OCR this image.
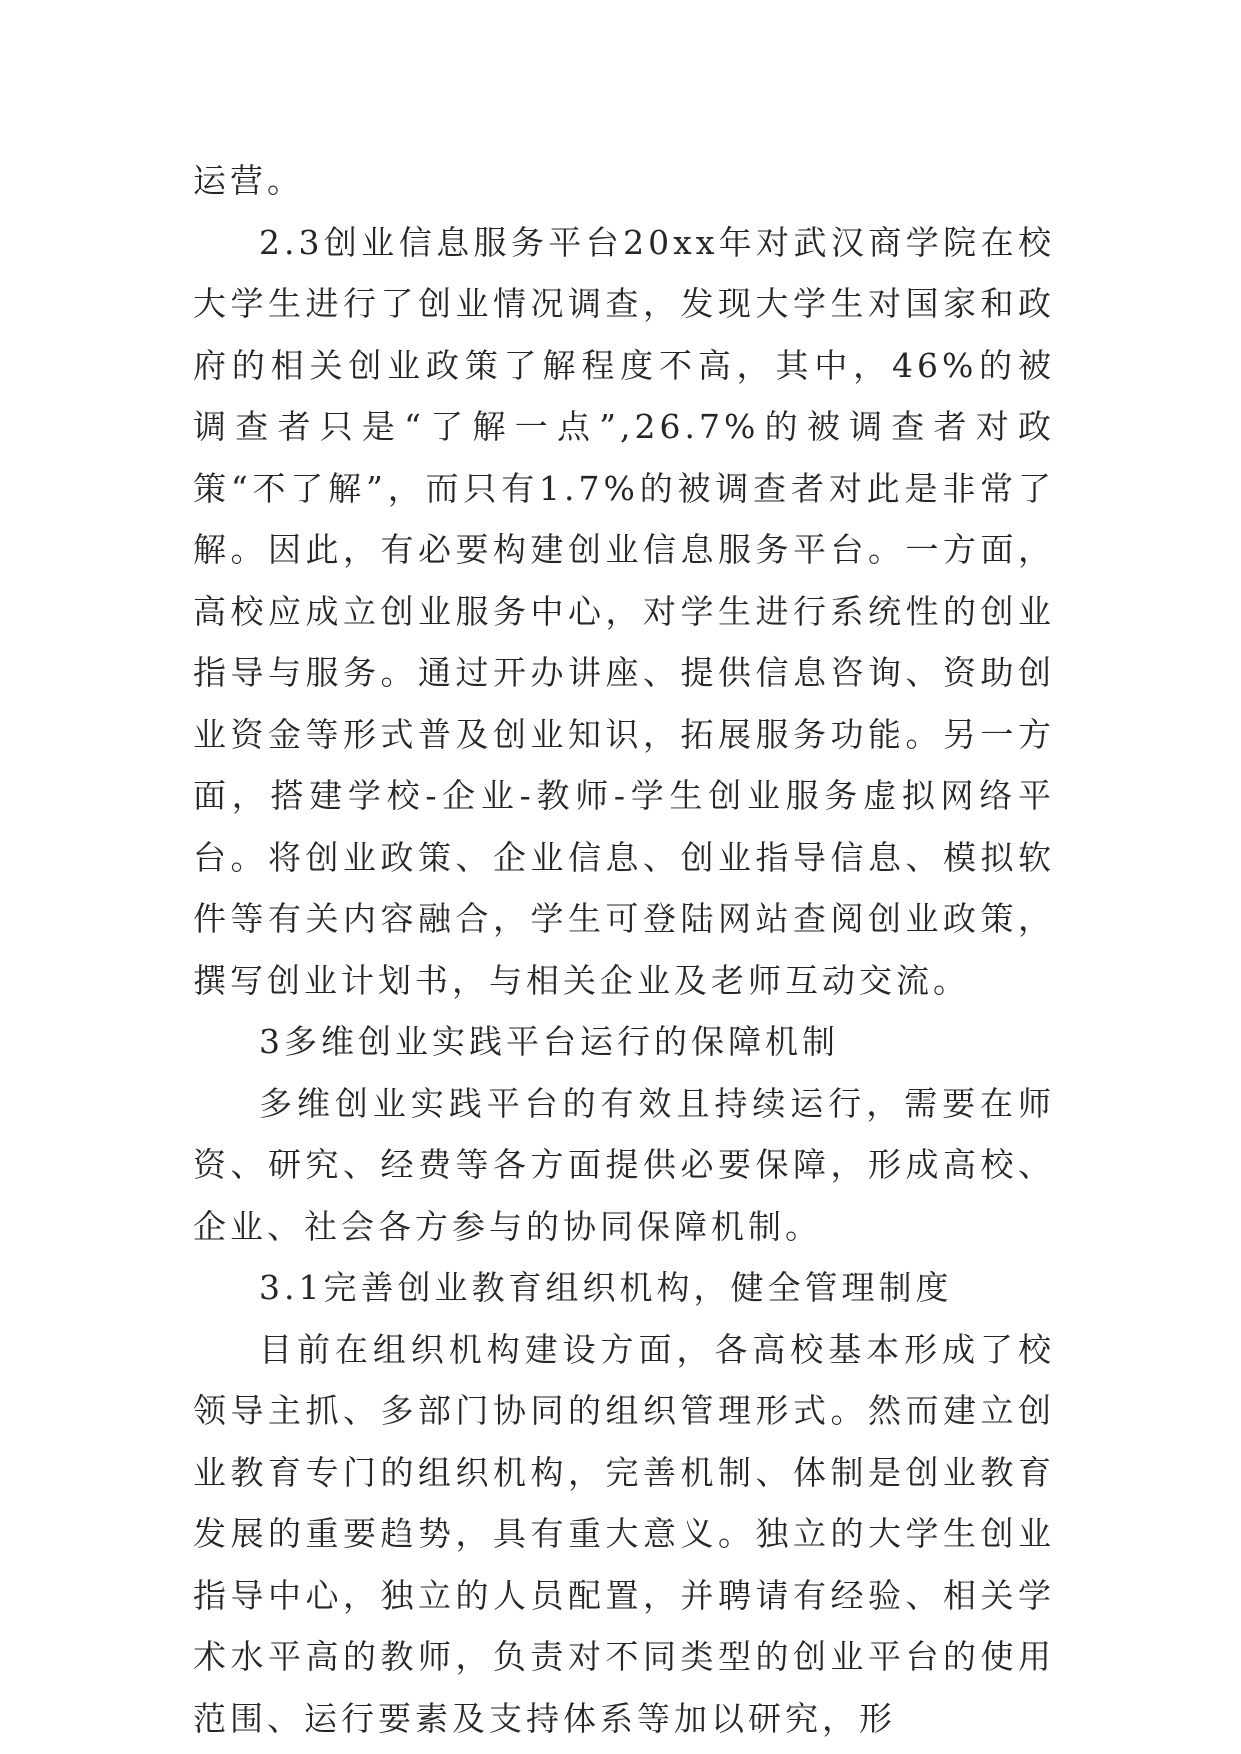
运营。

2.3创业信息服务平台20xx年对武汉商学院在校大学生进行了创业情况调查，发现大学生对国家和政府的相关创业政策了解程度不高，其中，46%的被调查者只是“了解一点”,26.7%的被调查者对政策“不了解”，而只有1.7%的被调查者对此是非常了解。因此，有必要构建创业信息服务平台。一方面，高校应成立创业服务中心，对学生进行系统性的创业指导与服务。通过开办讲座、提供信息咨询、资助创业资金等形式普及创业知识，拓展服务功能。另一方面，搭建学校-企业-教师-学生创业服务虚拟网络平台。将创业政策、企业信息、创业指导信息、模拟软件等有关内容融合，学生可登陆网站查阅创业政策，撰写创业计划书，与相关企业及老师互动交流。

3多维创业实践平台运行的保障机制

多维创业实践平台的有效且持续运行，需要在师资、研究、经费等各方面提供必要保障，形成高校、企业、社会各方参与的协同保障机制。

3.1完善创业教育组织机构，健全管理制度

目前在组织机构建设方面，各高校基本形成了校领导主抓、多部门协同的组织管理形式。然而建立创业教育专门的组织机构，完善机制、体制是创业教育发展的重要趋势，具有重大意义。独立的大学生创业指导中心，独立的人员配置，并聘请有经验、相关学术水平高的教师，负责对不同类型的创业平台的使用范围、运行要素及支持体系等加以研究，形
